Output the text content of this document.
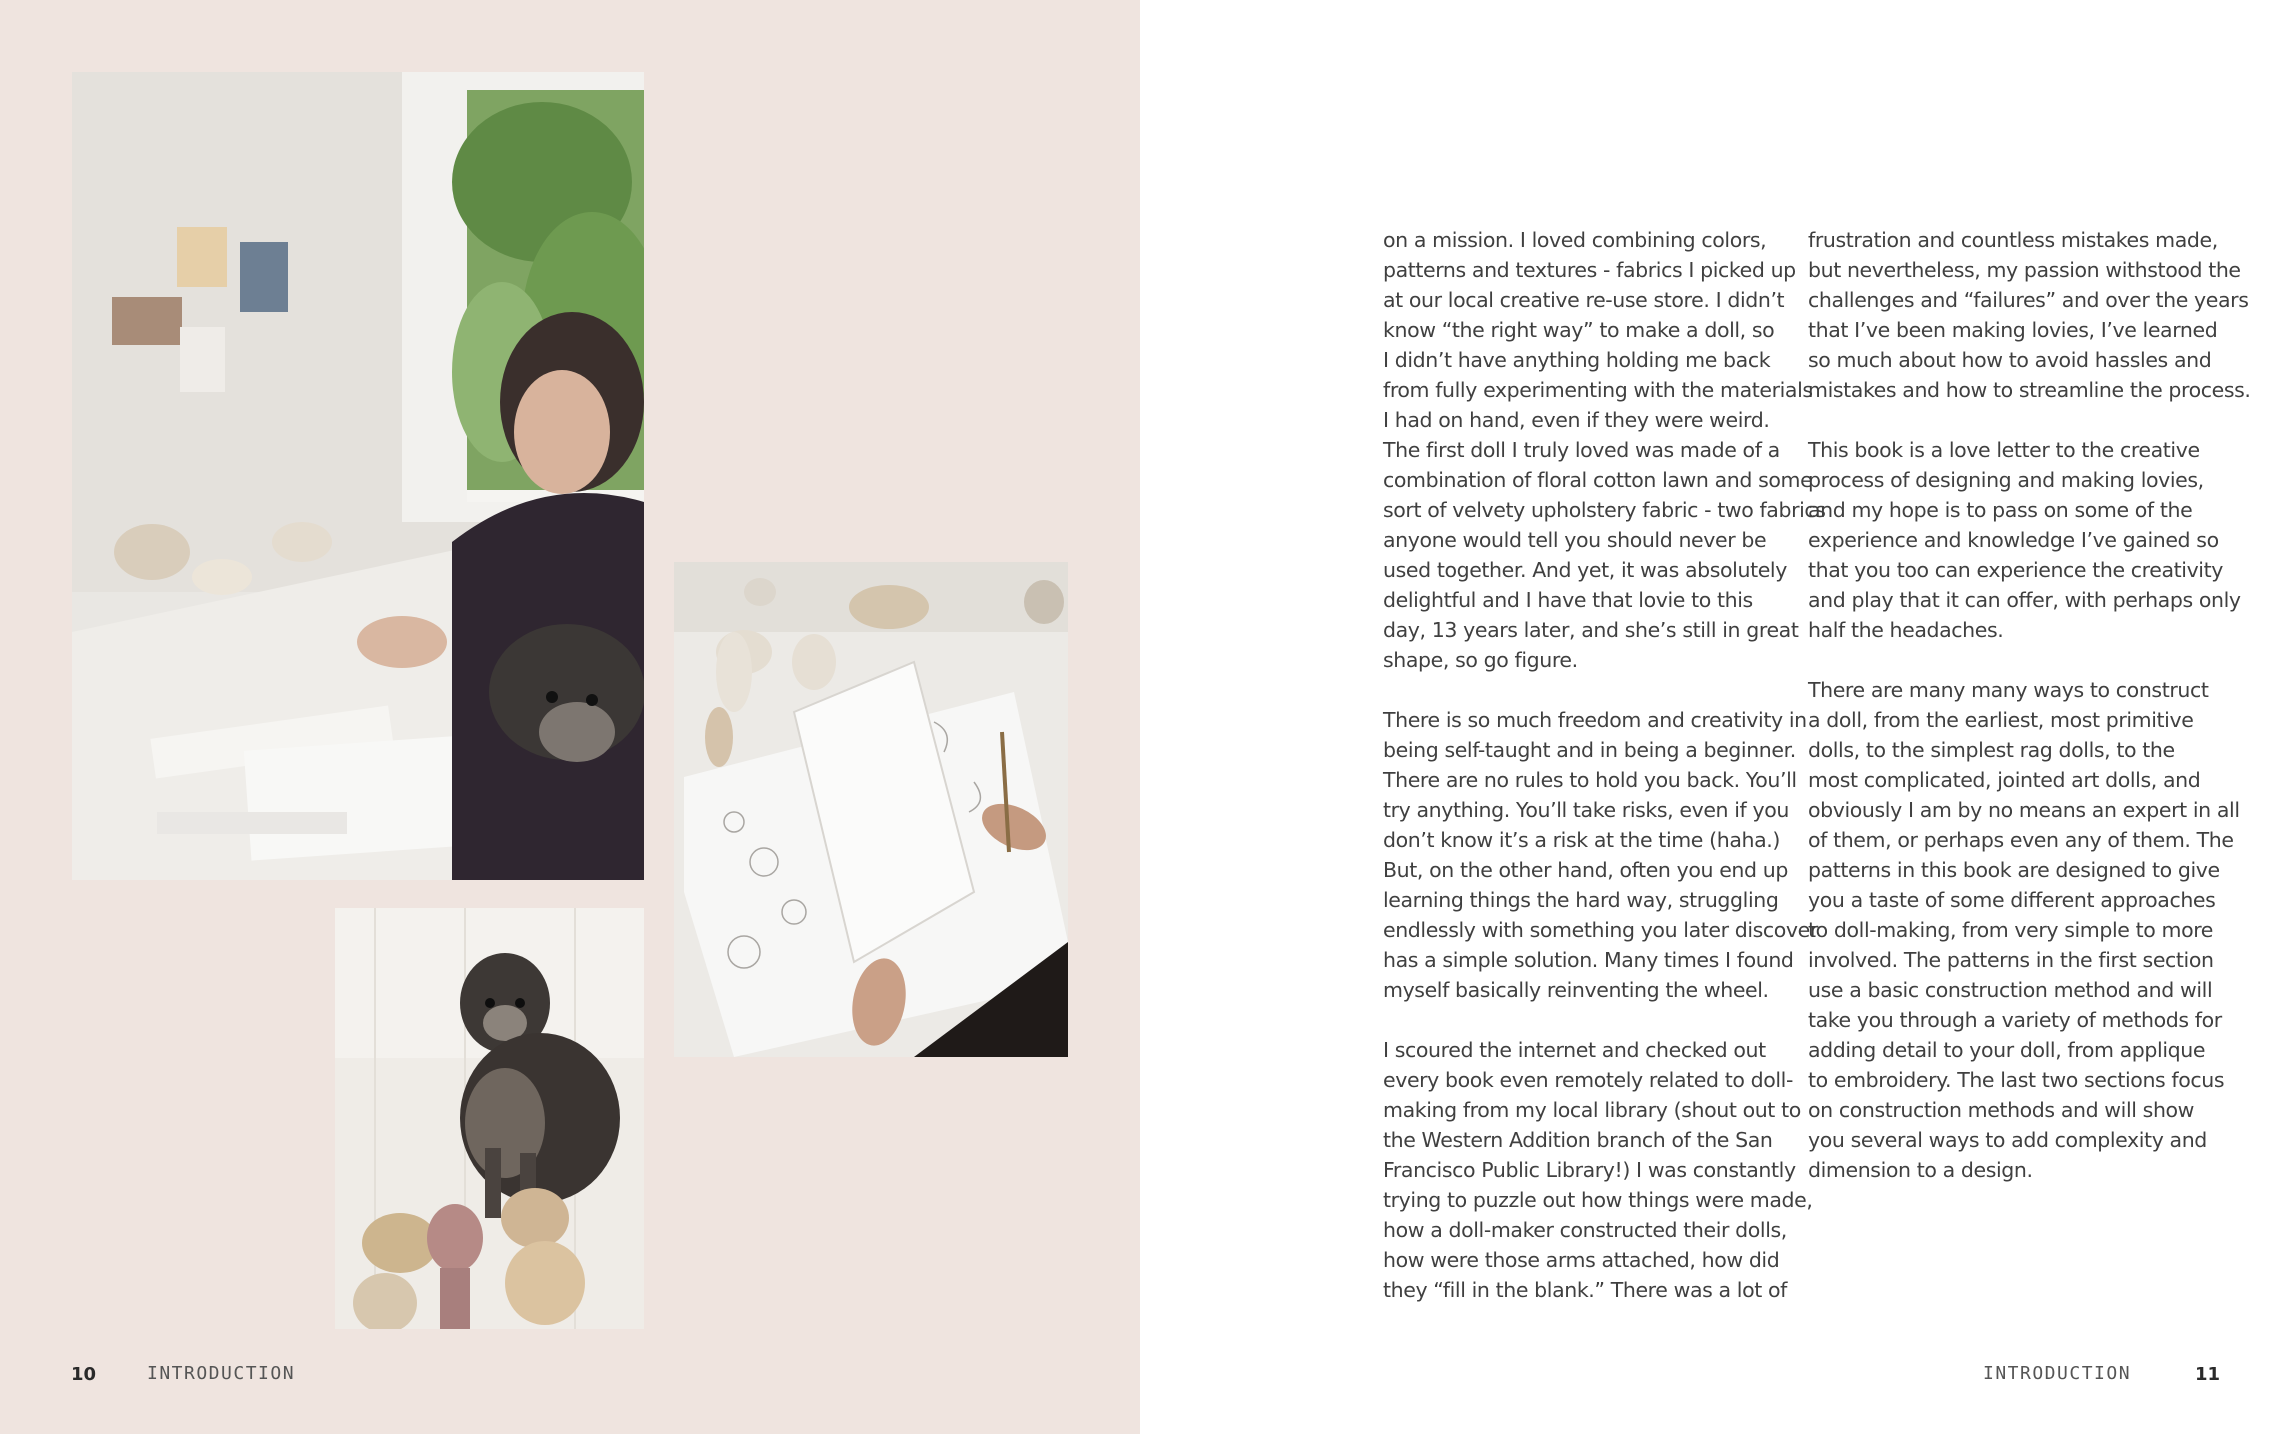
10	INTRODUCTION
on a mission. I loved combining colors,
patterns and textures - fabrics I picked up
at our local creative re-use store. I didn’t
know “the right way” to make a doll, so
I didn’t have anything holding me back
from fully experimenting with the materials
I had on hand, even if they were weird.
The first doll I truly loved was made of a
combination of floral cotton lawn and some
sort of velvety upholstery fabric - two fabrics
anyone would tell you should never be
used together. And yet, it was absolutely
delightful and I have that lovie to this
day, 13 years later, and she’s still in great
shape, so go figure.
There is so much freedom and creativity in
being self-taught and in being a beginner.
There are no rules to hold you back. You’ll
try anything. You’ll take risks, even if you
don’t know it’s a risk at the time (haha.)
But, on the other hand, often you end up
learning things the hard way, struggling
endlessly with something you later discover
has a simple solution. Many times I found
myself basically reinventing the wheel.
I scoured the internet and checked out
every book even remotely related to doll-
making from my local library (shout out to
the Western Addition branch of the San
Francisco Public Library!) I was constantly
trying to puzzle out how things were made,
how a doll-maker constructed their dolls,
how were those arms attached, how did
they “fill in the blank.” There was a lot of
frustration and countless mistakes made,
but nevertheless, my passion withstood the
challenges and “failures” and over the years
that I’ve been making lovies, I’ve learned
so much about how to avoid hassles and
mistakes and how to streamline the process.
This book is a love letter to the creative
process of designing and making lovies,
and my hope is to pass on some of the
experience and knowledge I’ve gained so
that you too can experience the creativity
and play that it can offer, with perhaps only
half the headaches.
There are many many ways to construct
a doll, from the earliest, most primitive
dolls, to the simplest rag dolls, to the
most complicated, jointed art dolls, and
obviously I am by no means an expert in all
of them, or perhaps even any of them. The
patterns in this book are designed to give
you a taste of some different approaches
to doll-making, from very simple to more
involved. The patterns in the first section
use a basic construction method and will
take you through a variety of methods for
adding detail to your doll, from applique
to embroidery. The last two sections focus
on construction methods and will show
you several ways to add complexity and
dimension to a design.
INTRODUCTION	11
